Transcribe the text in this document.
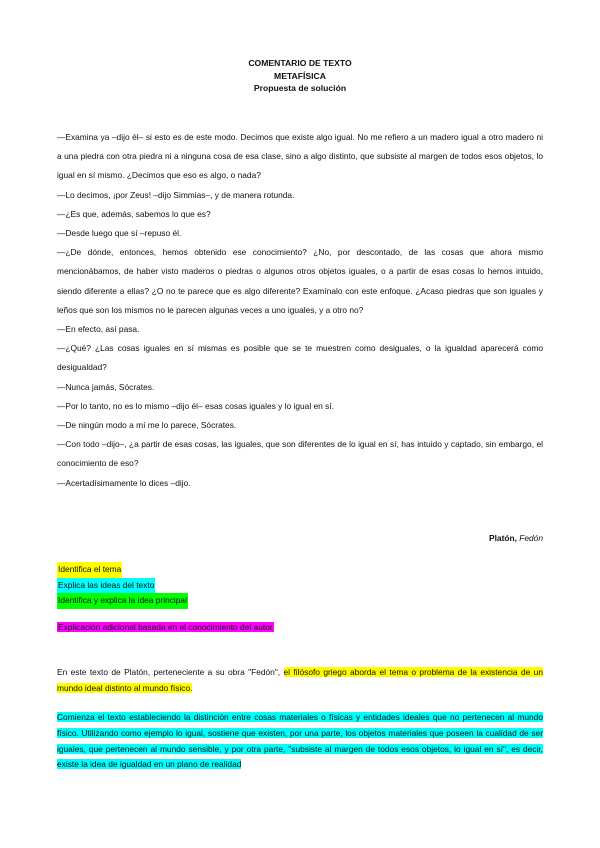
COMENTARIO DE TEXTO
METAFÍSICA
Propuesta de solución

—Examina ya –dijo él– si esto es de este modo. Decimos que existe algo igual. No me refiero a un madero igual a otro madero ni a una piedra con otra piedra ni a ninguna cosa de esa clase, sino a algo distinto, que subsiste al margen de todos esos objetos, lo igual en sí mismo. ¿Decimos que eso es algo, o nada?

—Lo decimos, ¡por Zeus! –dijo Simmias–, y de manera rotunda.

—¿Es que, además, sabemos lo que es?

—Desde luego que sí –repuso él.

—¿De dónde, entonces, hemos obtenido ese conocimiento? ¿No, por descontado, de las cosas que ahora mismo mencionábamos, de haber visto maderos o piedras o algunos otros objetos iguales, o a partir de esas cosas lo hemos intuido, siendo diferente a ellas? ¿O no te parece que es algo diferente? Examínalo con este enfoque. ¿Acaso piedras que son iguales y leños que son los mismos no le parecen algunas veces a uno iguales, y a otro no?

—En efecto, así pasa.

—¿Qué? ¿Las cosas iguales en sí mismas es posible que se te muestren como desiguales, o la igualdad aparecerá como desigualdad?

—Nunca jamás, Sócrates.

—Por lo tanto, no es lo mismo –dijo él– esas cosas iguales y lo igual en sí.

—De ningún modo a mí me lo parece, Sócrates.

—Con todo –dijo–, ¿a partir de esas cosas, las iguales, que son diferentes de lo igual en sí, has intuido y captado, sin embargo, el conocimiento de eso?

—Acertadísimamente lo dices –dijo.

Platón, Fedón
Identifica el tema
Explica las ideas del texto
Identifica y explica la idea principal
Explicación adicional basada en el conocimiento del autor

En este texto de Platón, perteneciente a su obra "Fedón", el filósofo griego aborda el tema o problema de la existencia de un mundo ideal distinto al mundo físico.

Comienza el texto estableciendo la distinción entre cosas materiales o físicas y entidades ideales que no pertenecen al mundo físico. Utilizando como ejemplo lo igual, sostiene que existen, por una parte, los objetos materiales que poseen la cualidad de ser iguales, que pertenecen al mundo sensible, y por otra parte, "subsiste al margen de todos esos objetos, lo igual en sí", es decir, existe la idea de igualdad en un plano de realidad
